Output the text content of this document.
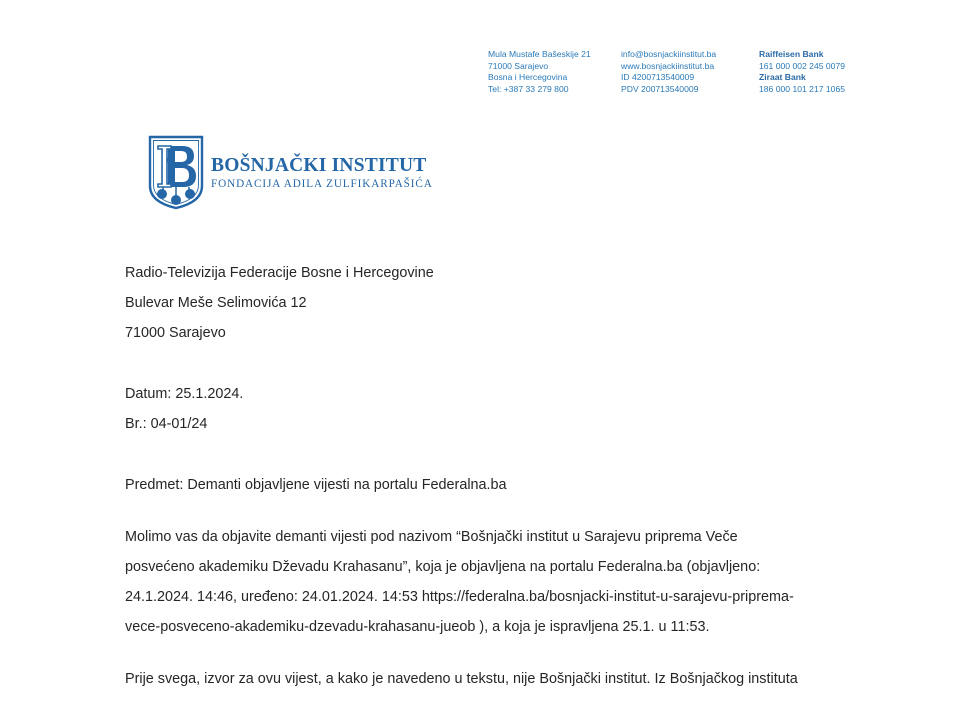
Mula Mustafe Bašeskije 21
71000 Sarajevo
Bosna i Hercegovina
Tel: +387 33 279 800
info@bosnjackiinstitut.ba
www.bosnjackiinstitut.ba
ID 4200713540009
PDV 200713540009
Raiffeisen Bank
161 000 002 245 0079
Ziraat Bank
186 000 101 217 1065
BOŠNJAČKI INSTITUT
FONDACIJA ADILA ZULFIKARPAŠIĆA
Radio-Televizija Federacije Bosne i Hercegovine
Bulevar Meše Selimovića 12
71000 Sarajevo
Datum: 25.1.2024.
Br.: 04-01/24
Predmet: Demanti objavljene vijesti na portalu Federalna.ba
Molimo vas da objavite demanti vijesti pod nazivom “Bošnjački institut u Sarajevu priprema Veče
posvećeno akademiku Dževadu Krahasanu”, koja je objavljena na portalu Federalna.ba (objavljeno:
24.1.2024. 14:46, uređeno: 24.01.2024. 14:53 https://federalna.ba/bosnjacki-institut-u-sarajevu-priprema-
vece-posveceno-akademiku-dzevadu-krahasanu-jueob ), a koja je ispravljena 25.1. u 11:53.
Prije svega, izvor za ovu vijest, a kako je navedeno u tekstu, nije Bošnjački institut. Iz Bošnjačkog instituta
